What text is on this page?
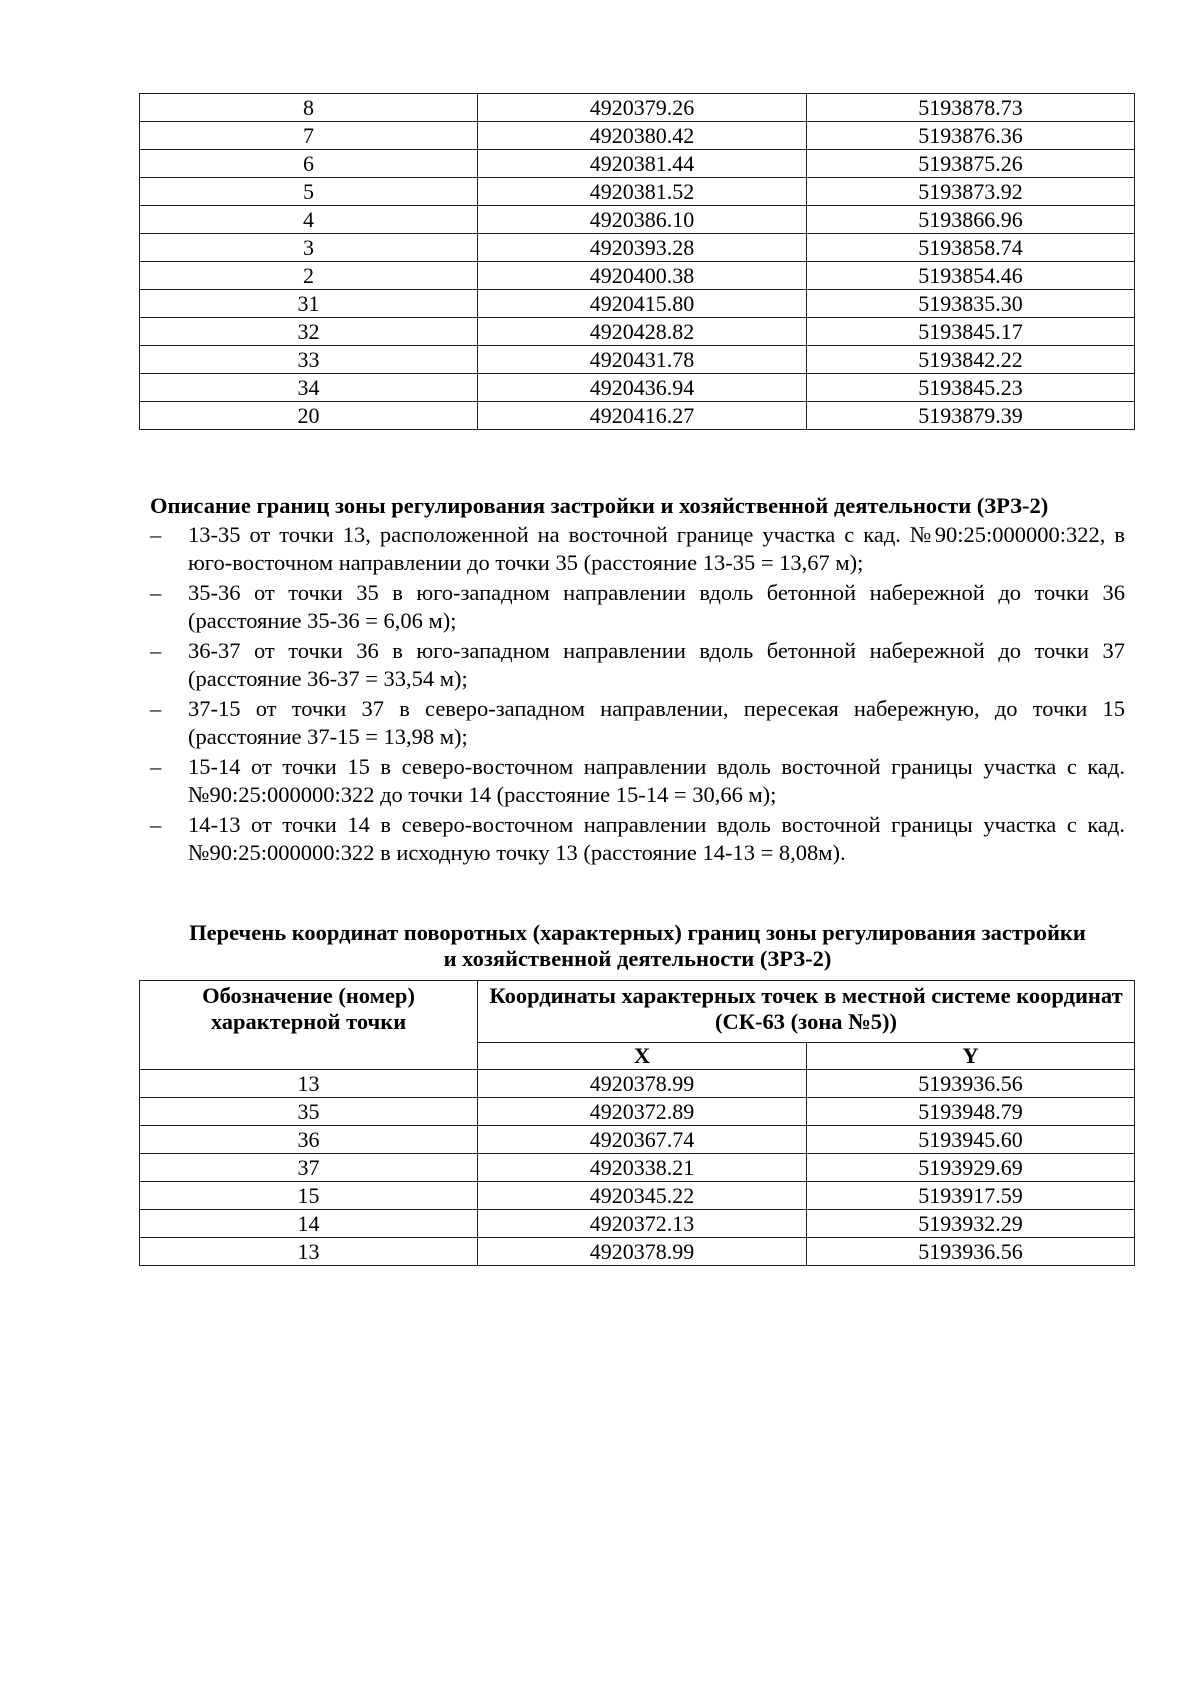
8	4920379.26	5193878.73
7	4920380.42	5193876.36
6	4920381.44	5193875.26
5	4920381.52	5193873.92
4	4920386.10	5193866.96
3	4920393.28	5193858.74
2	4920400.38	5193854.46
31	4920415.80	5193835.30
32	4920428.82	5193845.17
33	4920431.78	5193842.22
34	4920436.94	5193845.23
20	4920416.27	5193879.39
Описание границ зоны регулирования застройки и хозяйственной деятельности (ЗРЗ-2)
– 13-35 от точки 13, расположенной на восточной границе участка с кад. №90:25:000000:322, в юго-восточном направлении до точки 35 (расстояние 13-35 = 13,67 м);
– 35-36 от точки 35 в юго-западном направлении вдоль бетонной набережной до точки 36 (расстояние 35-36 = 6,06 м);
– 36-37 от точки 36 в юго-западном направлении вдоль бетонной набережной до точки 37 (расстояние 36-37 = 33,54 м);
– 37-15 от точки 37 в северо-западном направлении, пересекая набережную, до точки 15 (расстояние 37-15 = 13,98 м);
– 15-14 от точки 15 в северо-восточном направлении вдоль восточной границы участка с кад. №90:25:000000:322 до точки 14 (расстояние 15-14 = 30,66 м);
– 14-13 от точки 14 в северо-восточном направлении вдоль восточной границы участка с кад. №90:25:000000:322 в исходную точку 13 (расстояние 14-13 = 8,08м).
Перечень координат поворотных (характерных) границ зоны регулирования застройки
и хозяйственной деятельности (ЗРЗ-2)
Обозначение (номер) характерной точки	Координаты характерных точек в местной системе координат (СК-63 (зона №5))	
	X	Y
13	4920378.99	5193936.56
35	4920372.89	5193948.79
36	4920367.74	5193945.60
37	4920338.21	5193929.69
15	4920345.22	5193917.59
14	4920372.13	5193932.29
13	4920378.99	5193936.56
